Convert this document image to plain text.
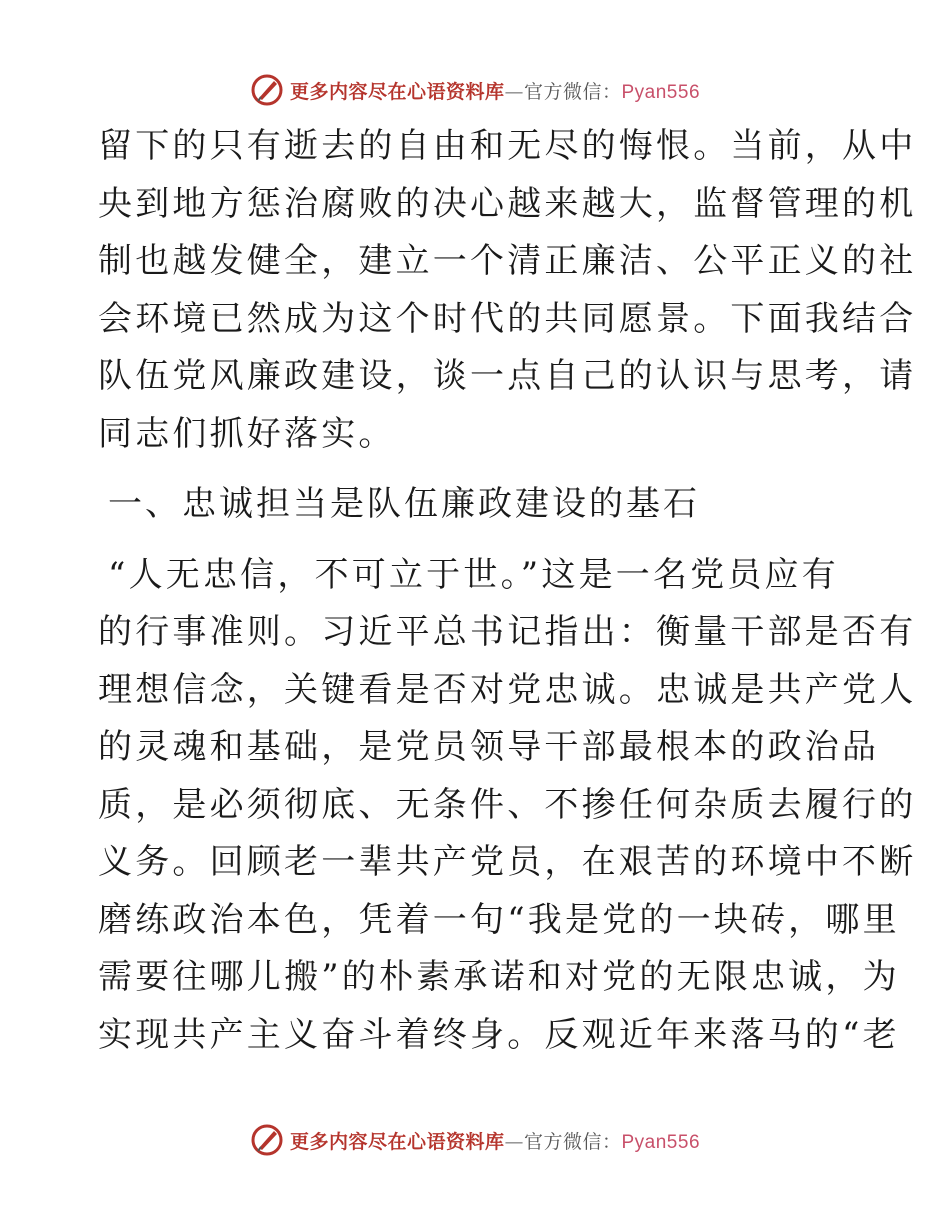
更多内容尽在心语资料库—官方微信：Pyan556
留下的只有逝去的自由和无尽的悔恨。当前，从中
央到地方惩治腐败的决心越来越大，监督管理的机
制也越发健全，建立一个清正廉洁、公平正义的社
会环境已然成为这个时代的共同愿景。下面我结合
队伍党风廉政建设，谈一点自己的认识与思考，请
同志们抓好落实。
一、忠诚担当是队伍廉政建设的基石
“人无忠信，不可立于世。”这是一名党员应有
的行事准则。习近平总书记指出：衡量干部是否有
理想信念，关键看是否对党忠诚。忠诚是共产党人
的灵魂和基础，是党员领导干部最根本的政治品
质，是必须彻底、无条件、不掺任何杂质去履行的
义务。回顾老一辈共产党员，在艰苦的环境中不断
磨练政治本色，凭着一句“我是党的一块砖，哪里
需要往哪儿搬”的朴素承诺和对党的无限忠诚，为
实现共产主义奋斗着终身。反观近年来落马的“老
更多内容尽在心语资料库—官方微信：Pyan556
